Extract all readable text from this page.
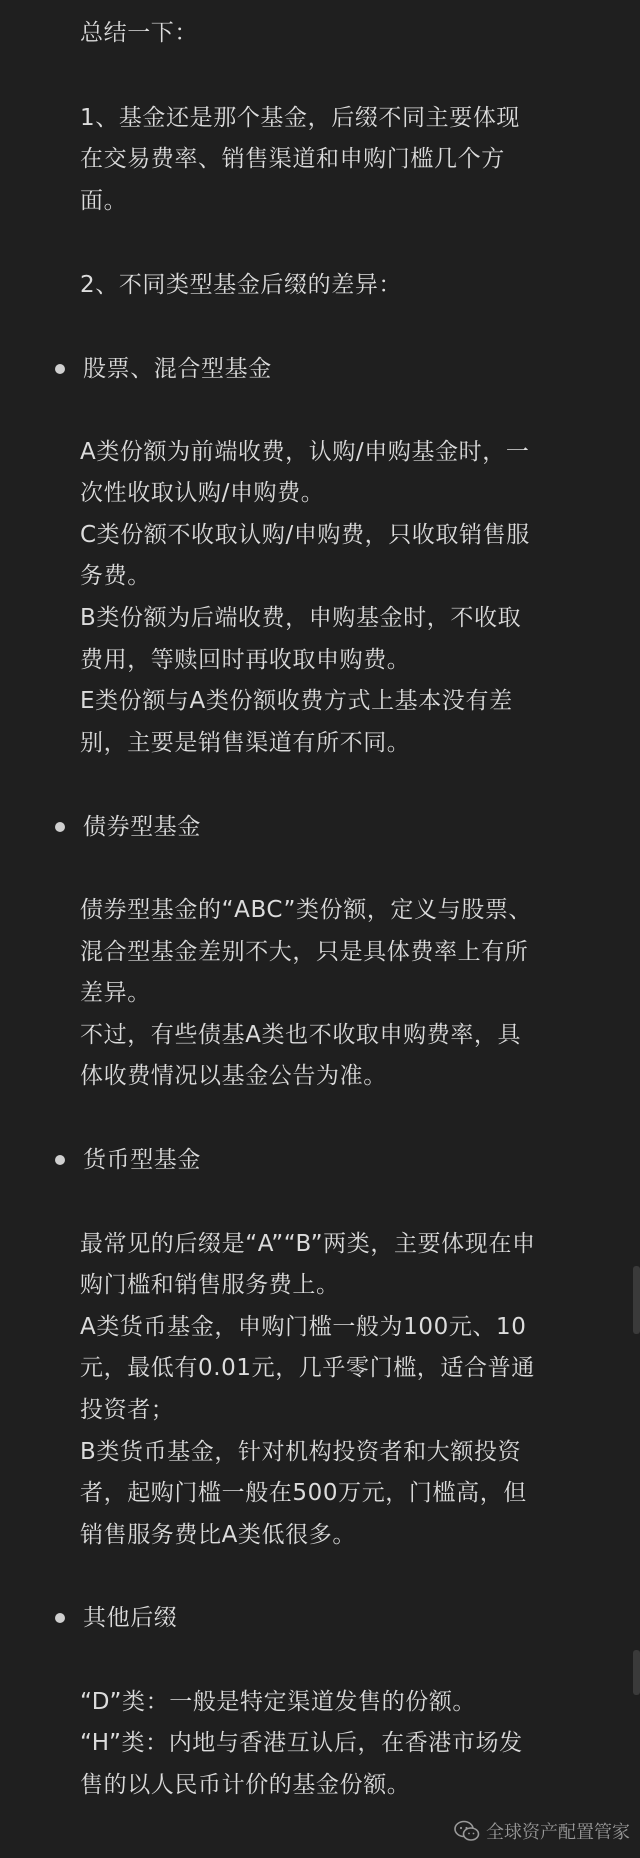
总结一下：
1、基金还是那个基金，后缀不同主要体现
在交易费率、销售渠道和申购门槛几个方
面。
2、不同类型基金后缀的差异：
股票、混合型基金
A类份额为前端收费，认购/申购基金时，一
次性收取认购/申购费。
C类份额不收取认购/申购费，只收取销售服
务费。
B类份额为后端收费，申购基金时，不收取
费用，等赎回时再收取申购费。
E类份额与A类份额收费方式上基本没有差
别，主要是销售渠道有所不同。
债券型基金
债券型基金的“ABC”类份额，定义与股票、
混合型基金差别不大，只是具体费率上有所
差异。
不过，有些债基A类也不收取申购费率，具
体收费情况以基金公告为准。
货币型基金
最常见的后缀是“A”“B”两类，主要体现在申
购门槛和销售服务费上。
A类货币基金，申购门槛一般为100元、10
元，最低有0.01元，几乎零门槛，适合普通
投资者；
B类货币基金，针对机构投资者和大额投资
者，起购门槛一般在500万元，门槛高，但
销售服务费比A类低很多。
其他后缀
“D”类：一般是特定渠道发售的份额。
“H”类：内地与香港互认后，在香港市场发
售的以人民币计价的基金份额。
全球资产配置管家
